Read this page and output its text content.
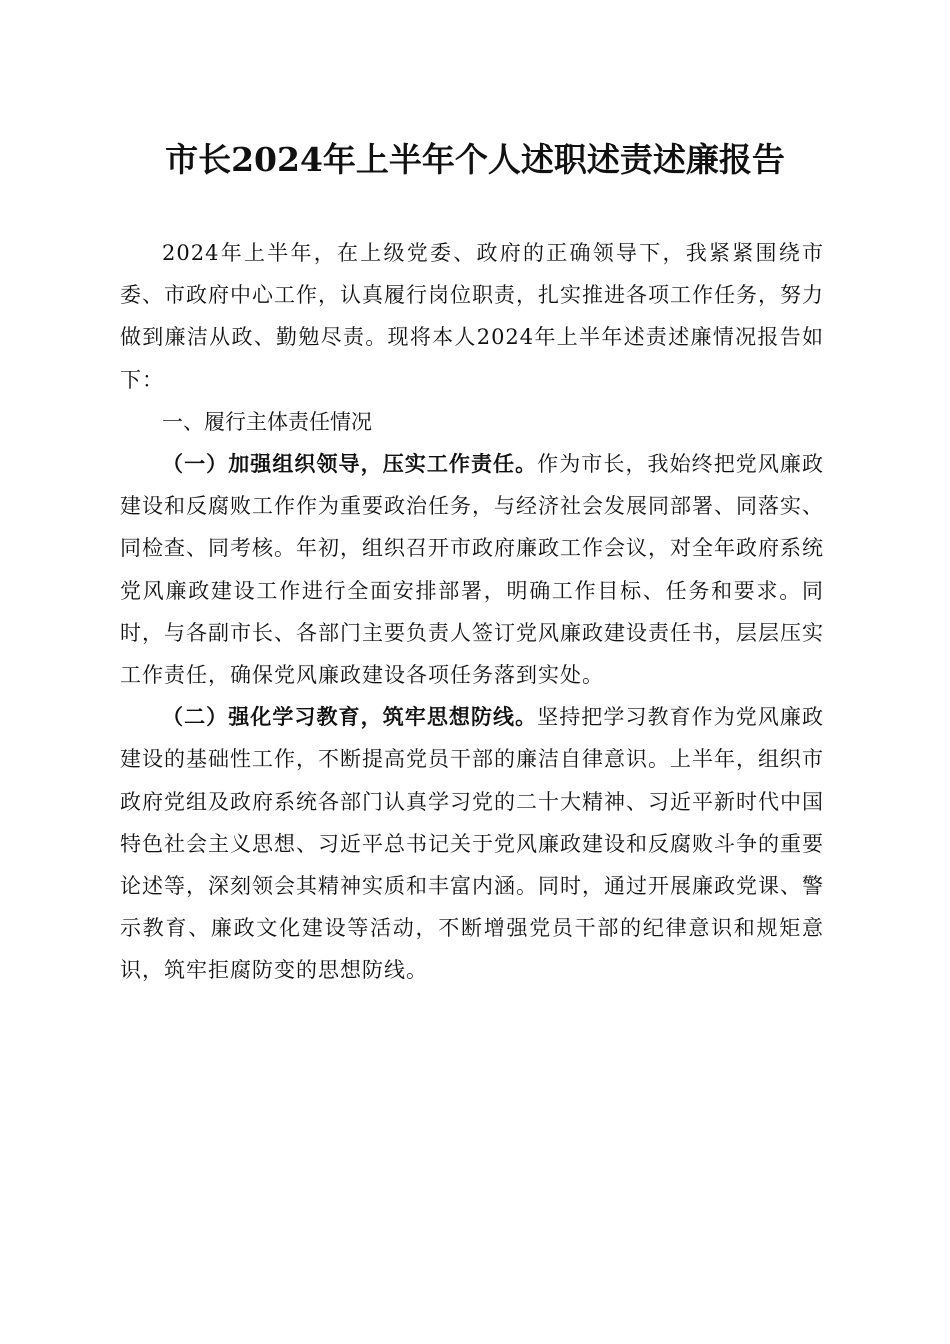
市长2024年上半年个人述职述责述廉报告

2024年上半年，在上级党委、政府的正确领导下，我紧紧围绕市委、市政府中心工作，认真履行岗位职责，扎实推进各项工作任务，努力做到廉洁从政、勤勉尽责。现将本人2024年上半年述责述廉情况报告如下：

一、履行主体责任情况

（一）加强组织领导，压实工作责任。作为市长，我始终把党风廉政建设和反腐败工作作为重要政治任务，与经济社会发展同部署、同落实、同检查、同考核。年初，组织召开市政府廉政工作会议，对全年政府系统党风廉政建设工作进行全面安排部署，明确工作目标、任务和要求。同时，与各副市长、各部门主要负责人签订党风廉政建设责任书，层层压实工作责任，确保党风廉政建设各项任务落到实处。

（二）强化学习教育，筑牢思想防线。坚持把学习教育作为党风廉政建设的基础性工作，不断提高党员干部的廉洁自律意识。上半年，组织市政府党组及政府系统各部门认真学习党的二十大精神、习近平新时代中国特色社会主义思想、习近平总书记关于党风廉政建设和反腐败斗争的重要论述等，深刻领会其精神实质和丰富内涵。同时，通过开展廉政党课、警示教育、廉政文化建设等活动，不断增强党员干部的纪律意识和规矩意识，筑牢拒腐防变的思想防线。
